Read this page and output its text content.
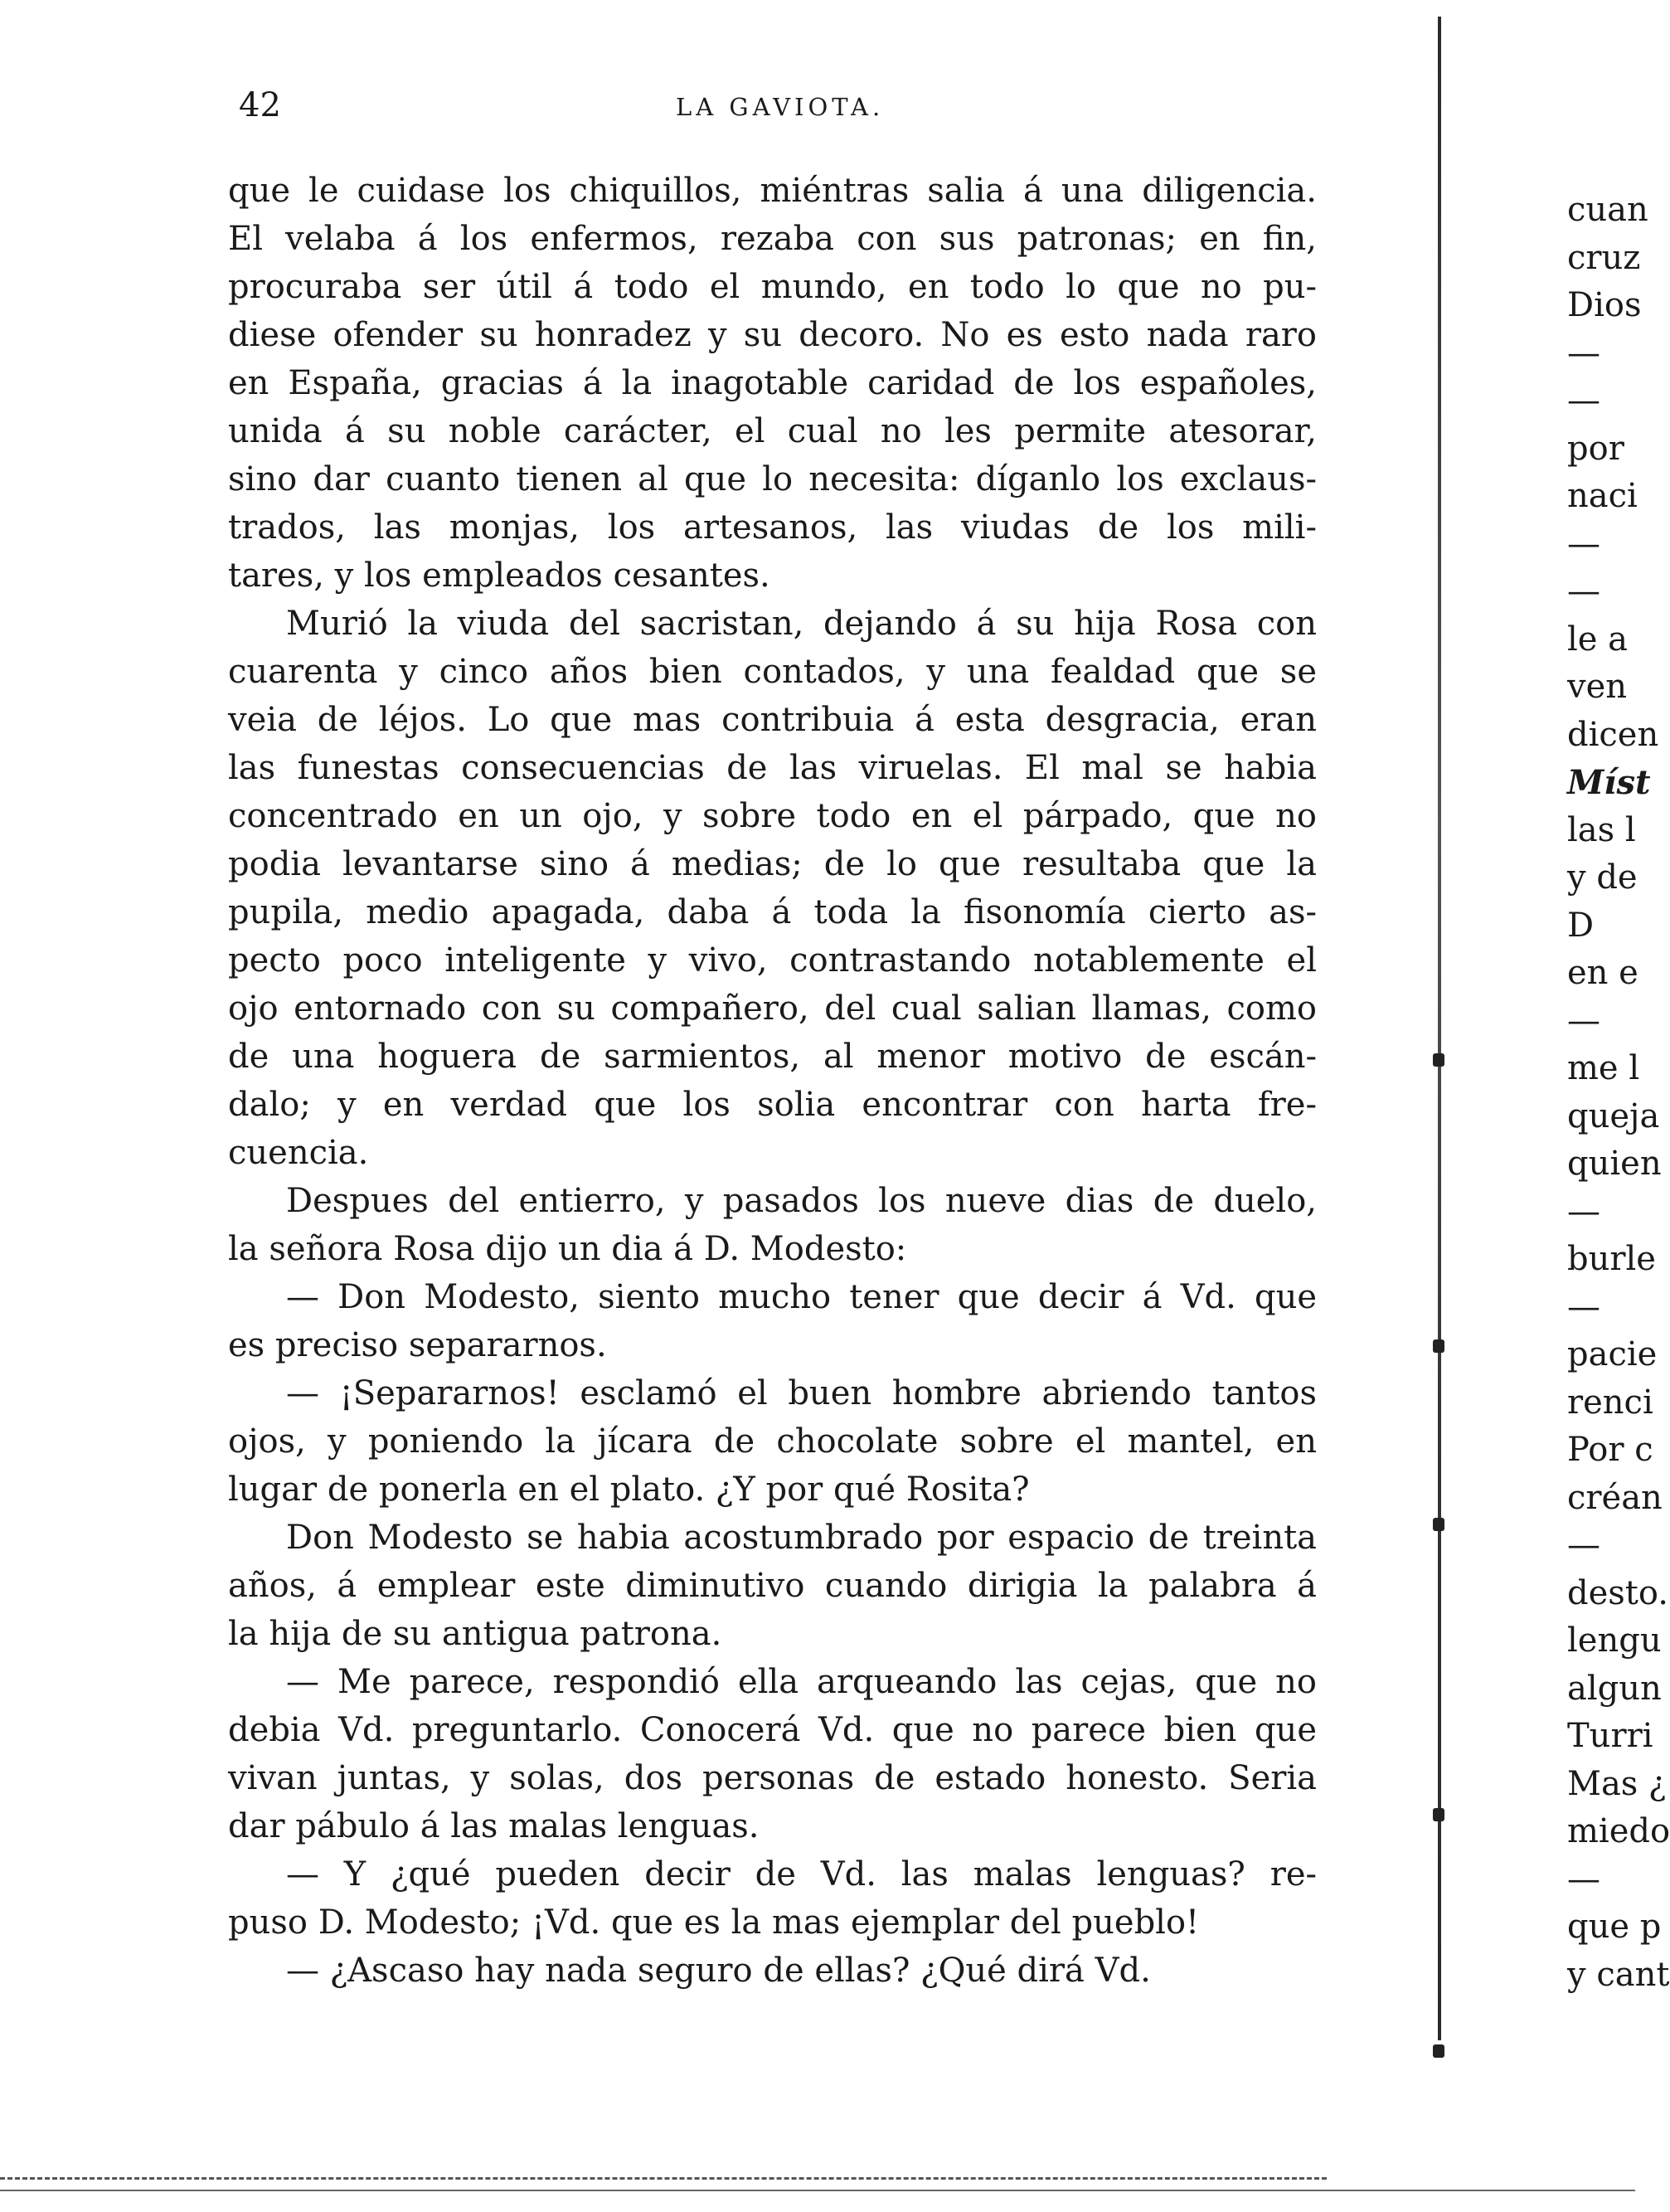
42	LA GAVIOTA.
que le cuidase los chiquillos, miéntras salia á una diligencia.
El velaba á los enfermos, rezaba con sus patronas; en fin,
procuraba ser útil á todo el mundo, en todo lo que no pu-
diese ofender su honradez y su decoro. No es esto nada raro
en España, gracias á la inagotable caridad de los españoles,
unida á su noble carácter, el cual no les permite atesorar,
sino dar cuanto tienen al que lo necesita: díganlo los exclaus-
trados, las monjas, los artesanos, las viudas de los mili-
tares, y los empleados cesantes.
Murió la viuda del sacristan, dejando á su hija Rosa con
cuarenta y cinco años bien contados, y una fealdad que se
veia de léjos. Lo que mas contribuia á esta desgracia, eran
las funestas consecuencias de las viruelas. El mal se habia
concentrado en un ojo, y sobre todo en el párpado, que no
podia levantarse sino á medias; de lo que resultaba que la
pupila, medio apagada, daba á toda la fisonomía cierto as-
pecto poco inteligente y vivo, contrastando notablemente el
ojo entornado con su compañero, del cual salian llamas, como
de una hoguera de sarmientos, al menor motivo de escán-
dalo; y en verdad que los solia encontrar con harta fre-
cuencia.
Despues del entierro, y pasados los nueve dias de duelo,
la señora Rosa dijo un dia á D. Modesto:
— Don Modesto, siento mucho tener que decir á Vd. que
es preciso separarnos.
— ¡Separarnos! esclamó el buen hombre abriendo tantos
ojos, y poniendo la jícara de chocolate sobre el mantel, en
lugar de ponerla en el plato. ¿Y por qué Rosita?
Don Modesto se habia acostumbrado por espacio de treinta
años, á emplear este diminutivo cuando dirigia la palabra á
la hija de su antigua patrona.
— Me parece, respondió ella arqueando las cejas, que no
debia Vd. preguntarlo. Conocerá Vd. que no parece bien que
vivan juntas, y solas, dos personas de estado honesto. Seria
dar pábulo á las malas lenguas.
— Y ¿qué pueden decir de Vd. las malas lenguas? re-
puso D. Modesto; ¡Vd. que es la mas ejemplar del pueblo!
— ¿Ascaso hay nada seguro de ellas? ¿Qué dirá Vd.
cuan
cruz
Dios
—
—
por
naci
—
—
le a
ven
dicen
Míst
las l
y de
D
en e
—
me l
queja
quien
—
burle
—
pacie
renci
Por c
créan
—
desto.
lengu
algun
Turri
Mas ¿
miedo
—
que p
y cant
